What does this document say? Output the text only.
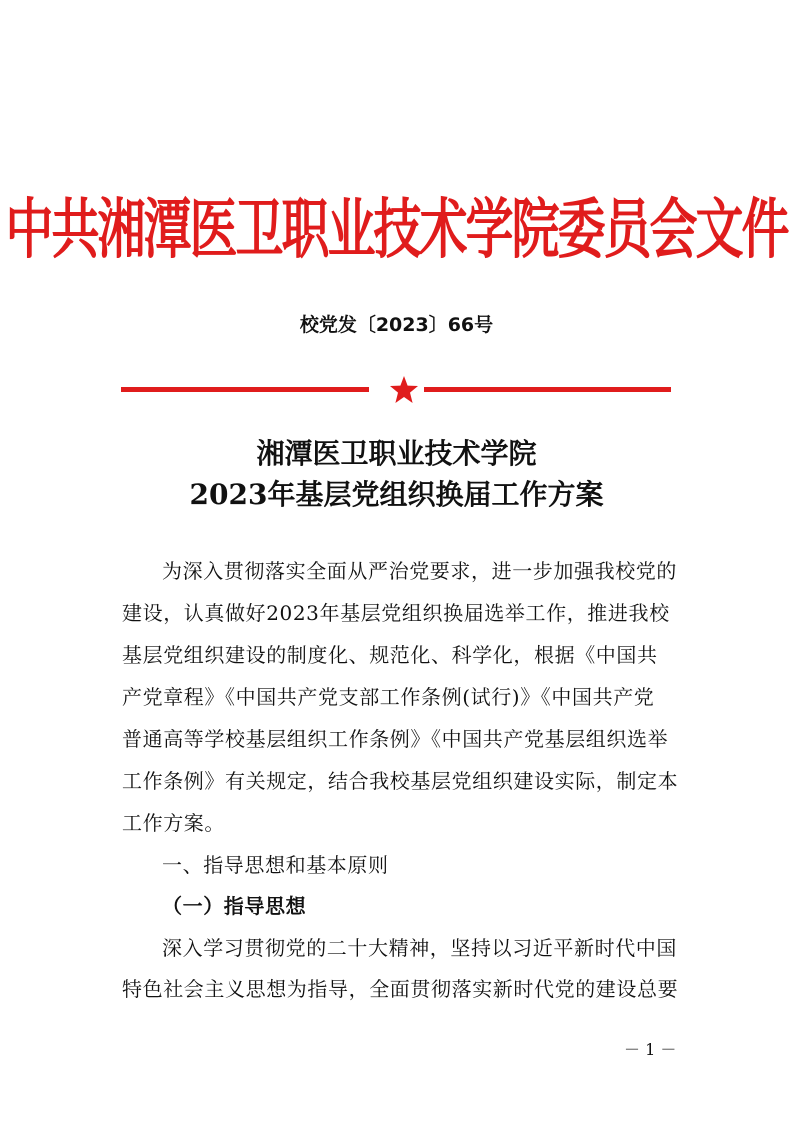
中共湘潭医卫职业技术学院委员会文件
校党发〔2023〕66号
湘潭医卫职业技术学院
2023年基层党组织换届工作方案
为深入贯彻落实全面从严治党要求，进一步加强我校党的
建设，认真做好2023年基层党组织换届选举工作，推进我校
基层党组织建设的制度化、规范化、科学化，根据《中国共
产党章程》《中国共产党支部工作条例(试行)》《中国共产党
普通高等学校基层组织工作条例》《中国共产党基层组织选举
工作条例》有关规定，结合我校基层党组织建设实际，制定本
工作方案。
一、指导思想和基本原则
（一）指导思想
深入学习贯彻党的二十大精神，坚持以习近平新时代中国
特色社会主义思想为指导，全面贯彻落实新时代党的建设总要
－ 1 －
